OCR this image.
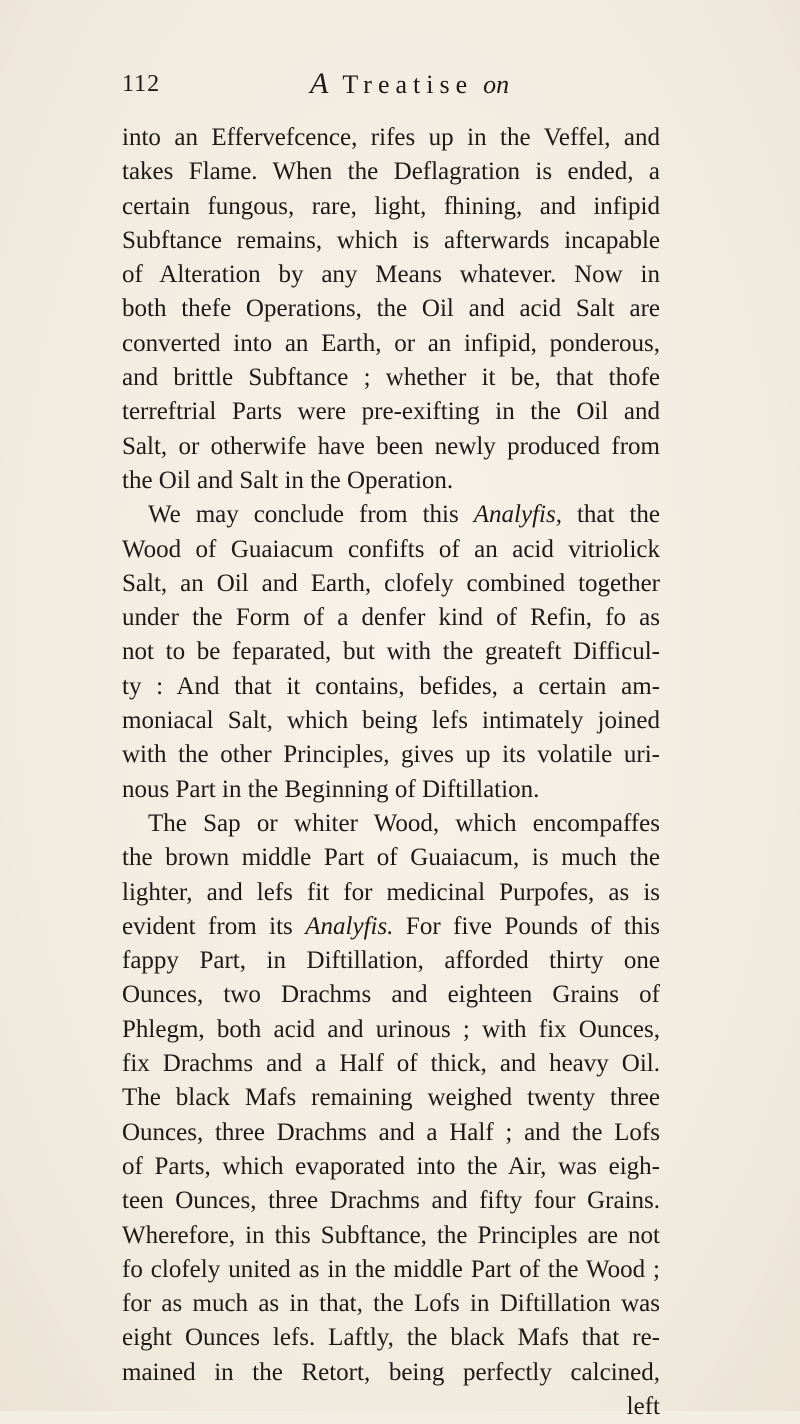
112	A Treatise on
into an Effervefcence, rifes up in the Veffel, and
takes Flame. When the Deflagration is ended, a
certain fungous, rare, light, fhining, and infipid
Subftance remains, which is afterwards incapable
of Alteration by any Means whatever. Now in
both thefe Operations, the Oil and acid Salt are
converted into an Earth, or an infipid, ponderous,
and brittle Subftance ; whether it be, that thofe
terreftrial Parts were pre-exifting in the Oil and
Salt, or otherwife have been newly produced from
the Oil and Salt in the Operation.
We may conclude from this Analyfis, that the
Wood of Guaiacum confifts of an acid vitriolick
Salt, an Oil and Earth, clofely combined together
under the Form of a denfer kind of Refin, fo as
not to be feparated, but with the greateft Difficul-
ty : And that it contains, befides, a certain am-
moniacal Salt, which being lefs intimately joined
with the other Principles, gives up its volatile uri-
nous Part in the Beginning of Diftillation.
The Sap or whiter Wood, which encompaffes
the brown middle Part of Guaiacum, is much the
lighter, and lefs fit for medicinal Purpofes, as is
evident from its Analyfis. For five Pounds of this
fappy Part, in Diftillation, afforded thirty one
Ounces, two Drachms and eighteen Grains of
Phlegm, both acid and urinous ; with fix Ounces,
fix Drachms and a Half of thick, and heavy Oil.
The black Mafs remaining weighed twenty three
Ounces, three Drachms and a Half ; and the Lofs
of Parts, which evaporated into the Air, was eigh-
teen Ounces, three Drachms and fifty four Grains.
Wherefore, in this Subftance, the Principles are not
fo clofely united as in the middle Part of the Wood ;
for as much as in that, the Lofs in Diftillation was
eight Ounces lefs. Laftly, the black Mafs that re-
mained in the Retort, being perfectly calcined,
left
